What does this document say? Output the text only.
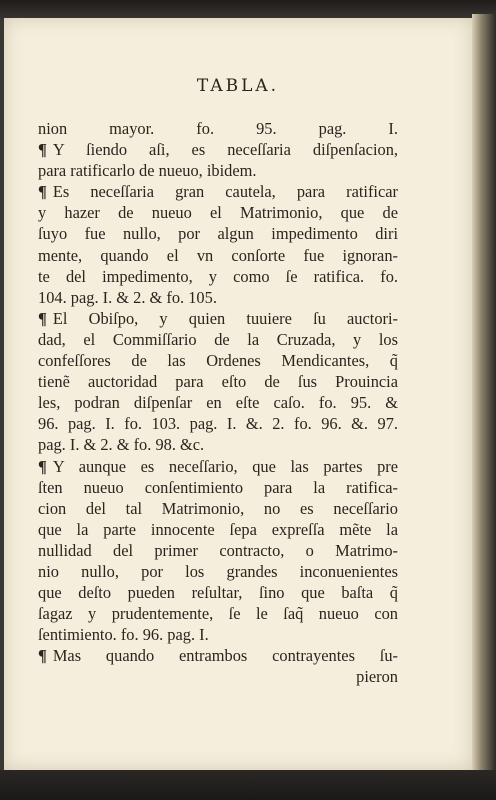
TABLA.
nion mayor. fo. 95. pag. I.
¶ Y ſiendo aſi, es neceſſaria diſpenſacion,
para ratificarlo de nueuo, ibidem.
¶ Es neceſſaria gran cautela, para ratificar
y hazer de nueuo el Matrimonio, que de
ſuyo fue nullo, por algun impedimento diri
mente, quando el vn conſorte fue ignoran-
te del impedimento, y como ſe ratifica. fo.
104. pag. I. & 2. & fo. 105.
¶ El Obiſpo, y quien tuuiere ſu auctori-
dad, el Commiſſario de la Cruzada, y los
confeſſores de las Ordenes Mendicantes, q̃
tienẽ auctoridad para eſto de ſus Prouincia
les, podran diſpenſar en eſte caſo. fo. 95. &
96. pag. I. fo. 103. pag. I. &. 2. fo. 96. &. 97.
pag. I. & 2. & fo. 98. &c.
¶ Y aunque es neceſſario, que las partes pre
ſten nueuo conſentimiento para la ratifica-
cion del tal Matrimonio, no es neceſſario
que la parte innocente ſepa expreſſa mẽte la
nullidad del primer contracto, o Matrimo-
nio nullo, por los grandes inconuenientes
que deſto pueden reſultar, ſino que baſta q̃
ſagaz y prudentemente, ſe le ſaq̃ nueuo con
ſentimiento. fo. 96. pag. I.
¶ Mas quando entrambos contrayentes ſu-
pieron
